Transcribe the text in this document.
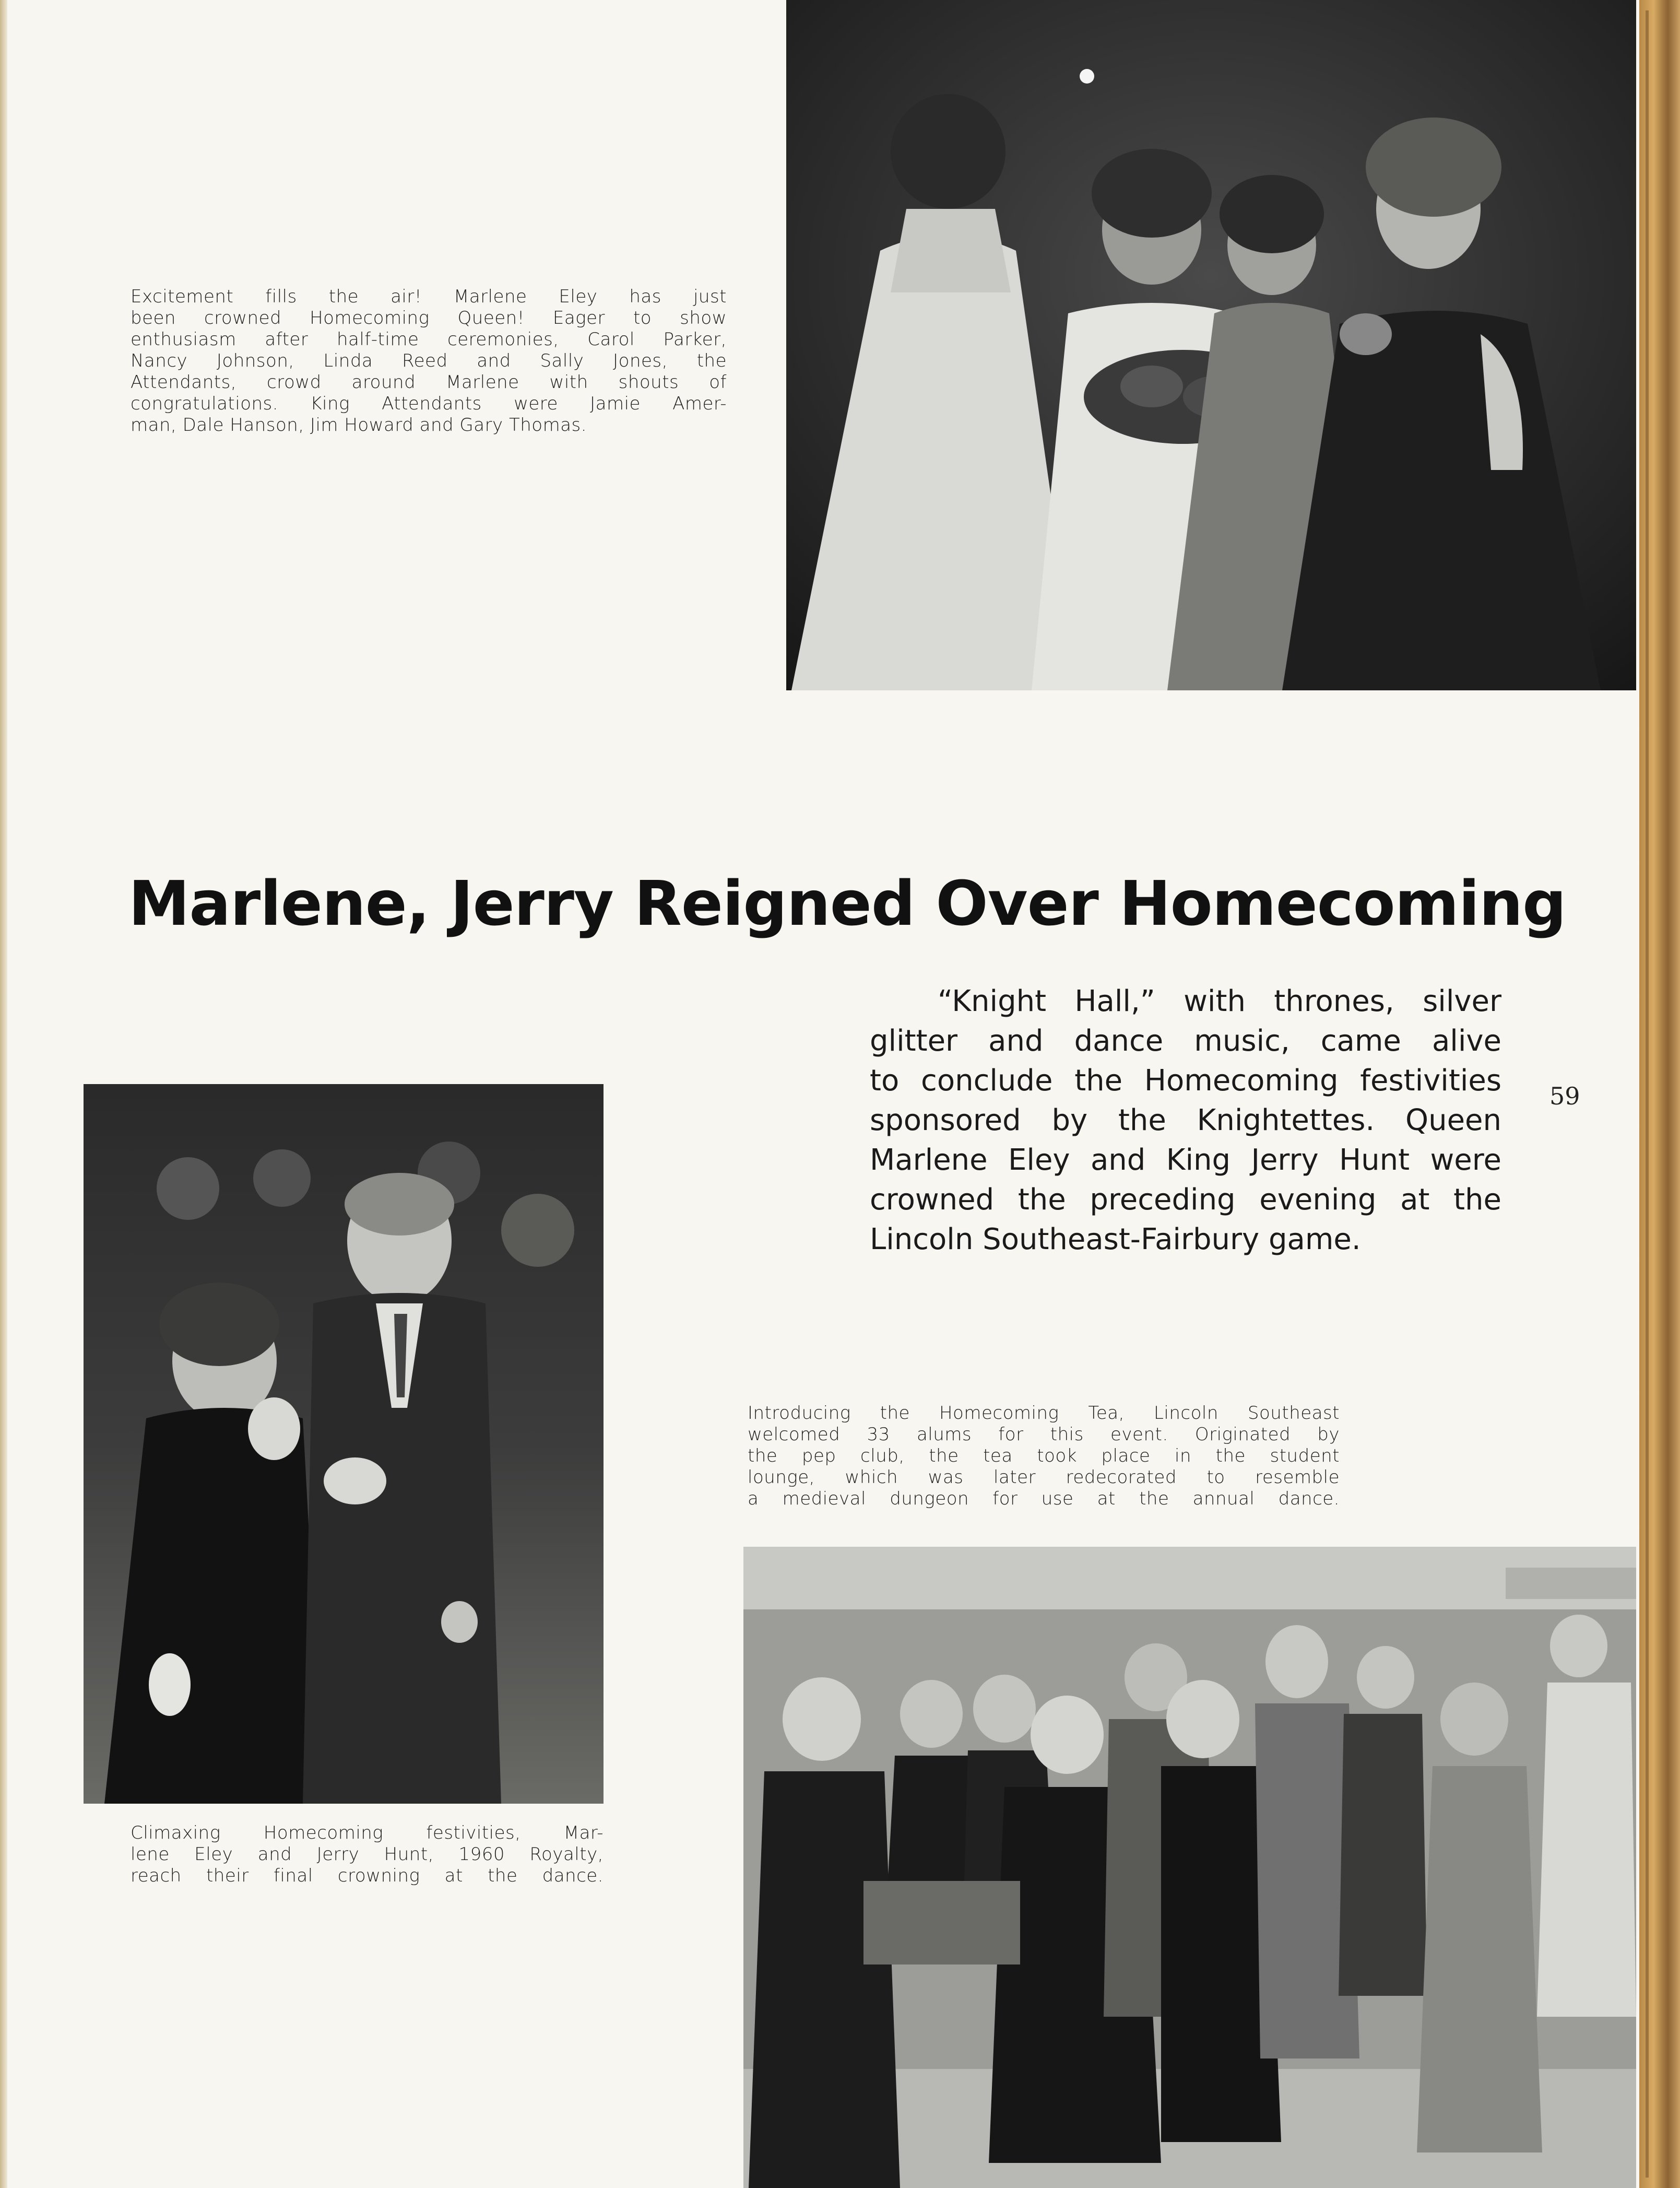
Excitement fills the air! Marlene Eley has just
been crowned Homecoming Queen! Eager to show
enthusiasm after half-time ceremonies, Carol Parker,
Nancy Johnson, Linda Reed and Sally Jones, the
Attendants, crowd around Marlene with shouts of
congratulations. King Attendants were Jamie Amer-
man, Dale Hanson, Jim Howard and Gary Thomas.
Marlene, Jerry Reigned Over Homecoming
“Knight Hall,” with thrones, silver
glitter and dance music, came alive
to conclude the Homecoming festivities
sponsored by the Knightettes. Queen
Marlene Eley and King Jerry Hunt were
crowned the preceding evening at the
Lincoln Southeast-Fairbury game.
59
Climaxing Homecoming festivities, Mar-
lene Eley and Jerry Hunt, 1960 Royalty,
reach their final crowning at the dance.
Introducing the Homecoming Tea, Lincoln Southeast
welcomed 33 alums for this event. Originated by
the pep club, the tea took place in the student
lounge, which was later redecorated to resemble
a medieval dungeon for use at the annual dance.
